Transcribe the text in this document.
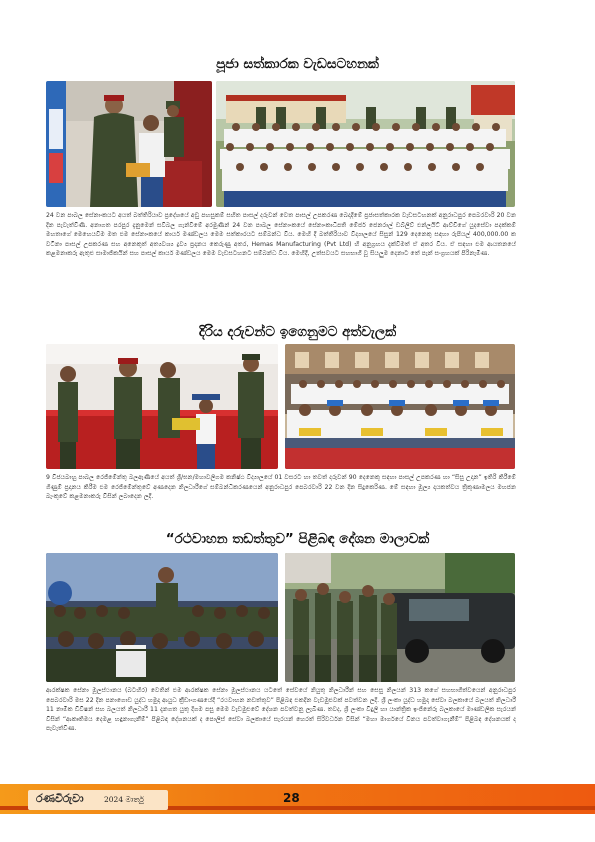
පූජා සත්කාරක වැඩසටහනක්
24 වන පාබල සේනාංකයට අයත් බත්තිරියාව ප්‍රදේශයේ අඩු පහසුකම් සහිත පාසල් දරුවන් වෙත පාසල් උපකරණ බෙදාදීමේ ප්‍රජාසත්කාරක වැඩසටහනක් අනුරාධපුර පෙබරවාරි 20 වන දින පැවැත්විණි. අනාගත පරපුර දැනුමෙන් සවිබල ගැන්වීමේ අරමුණින් 24 වන පාබල සේනාංකයේ සේනාංකාධිපති මේජර් ජෙනරාල් ඩබ්ලිව් එන්ලයිට් ආච්චිගේ යුදසේවා පදක්කම් මහතාගේ මෙහෙයවීම මත එම සේනාංකයේ කාර්ය මණ්ඩලය මෙම සත්කාරයට සම්බන්ධ විය. මෙහි දී බත්තිරියාව විද්‍යාලයේ සිසුන් 129 දෙනෙකු සඳහා රුපියල් 400,000.00 ක වටිනා පාසල් උපකරණ සහ අනෙකුත් අත්‍යවශ්‍ය ද්‍රව්‍ය ප්‍රදානය කෙරුණු අතර, Hemas Manufacturing (Pvt Ltd) හි අනුග්‍රහය දැක්වීමත් ඒ අතර විය. ඒ සඳහා එම ආයතනයේ කළමනාකරු ඇතුළු සාමාජිකයින් සහ පාසල් කාර්ය මණ්ඩලය මෙම වැඩසටහනට සම්බන්ධ විය. මෙහිදී, උත්සවයට සහභාගී වූ සියලුම දෙනාට තේ පැන් සංග්‍රහයක් පිරිනැමිණ.
දිරිය දරුවන්ට ඉගෙනුමට අත්වැලක්
9 විජයබාහු පාබල රෙජිමේන්තු බලඇණියේ අයත් ශ්‍රී/ඝන/මහාවලිගම කනිෂ්ඨ විද්‍යාලයේ 01 වසරට හා තවත් දරුවන් 90 දෙනෙකු සඳහා පාසල් උපකරණ හා “සිසු උදාන” ඉතිරි කිරීමේ ගිණුම් ප්‍රදානය කිරීම එම රෙජිමේන්තුවේ අණදෙන නිලධාරීගේ සම්බන්ධීකරණයෙන් අනුරාධපුර පෙබරවාරි 22 වන දින සිදුකෙරිණ. මේ සඳහා මූල්‍ය දායකත්වය ත්‍රිකුණාමලය මහජන බැංකුවේ කළමනාකරු විසින් ලබාදෙන ලදී.
“රථවාහන තඩත්තුව” පිළිබඳ දේශන මාලාවක්
ආරක්ෂක සේනා මූලස්ථානය (බටහිර) වෙතින් එම ආරක්ෂක සේනා මූලස්ථානය යටතේ සේවයේ නියුතු නිලධාරීන් සහ සෙසු නිලයන් 313 කගේ සහභාගීත්වයෙන් අනුරාධපුර පෙබරවාරි මස 22 දින පනාගොඩ යුද්ධ හමුදා ආයුධ ක්‍රීඩාංගණයේදී “රථවාහන නඩත්තුව” පිළිබඳ එකදින වැඩමුළුවක් පවත්වන ලදී. ශ්‍රී ලංකා යුද්ධ හමුදා සේවා බලකායේ බලයත් නිලධාරී 11 නාමික ඩිවිෂන් සහ බලයත් නිලධාරී 11 දැනගත යුතු දිගම පසු මෙම වැඩමුළුවේ දේශන පවත්වනු ලැබිණ. තවද, ශ්‍රී ලංකා විදුලි හා යාන්ත්‍රික ඉංජිනේරු බලකායේ මාණ්ඩලික සැරයන් විසින් “ආකෘතිමය දෙමළ හඳුනාගැනීම්” පිළිබඳ දේශනයක් ද පොලිස් සේවා බලකායේ සැරයන් හෙරත් සිරිවර්ධන විසින් “මහා මාර්ගයේ විනය පවත්වාගැනීම්” පිළිබඳ දේශනයක් ද පැවැත්විණ.
රණවිරුවා	2024 මාර්තු	28
